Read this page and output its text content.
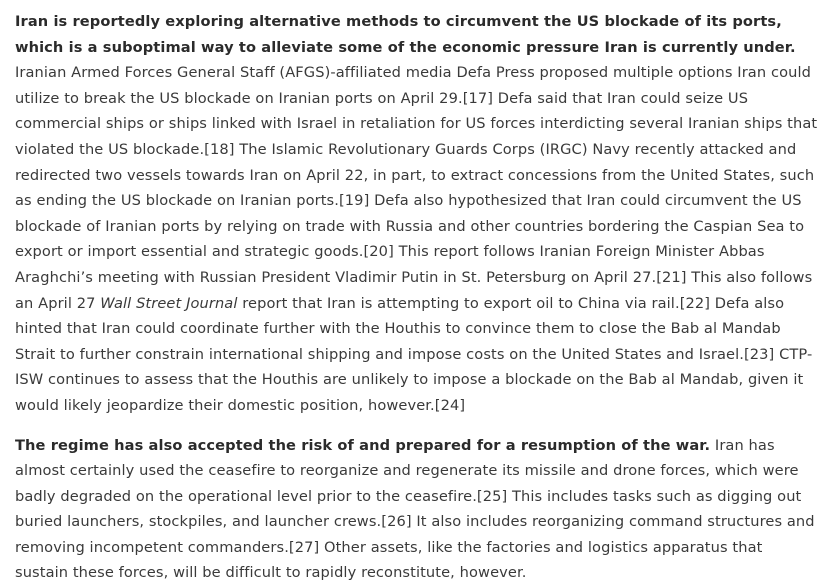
Iran is reportedly exploring alternative methods to circumvent the US blockade of its ports, which is a suboptimal way to alleviate some of the economic pressure Iran is currently under. Iranian Armed Forces General Staff (AFGS)-affiliated media Defa Press proposed multiple options Iran could utilize to break the US blockade on Iranian ports on April 29.[17] Defa said that Iran could seize US commercial ships or ships linked with Israel in retaliation for US forces interdicting several Iranian ships that violated the US blockade.[18] The Islamic Revolutionary Guards Corps (IRGC) Navy recently attacked and redirected two vessels towards Iran on April 22, in part, to extract concessions from the United States, such as ending the US blockade on Iranian ports.[19] Defa also hypothesized that Iran could circumvent the US blockade of Iranian ports by relying on trade with Russia and other countries bordering the Caspian Sea to export or import essential and strategic goods.[20] This report follows Iranian Foreign Minister Abbas Araghchi’s meeting with Russian President Vladimir Putin in St. Petersburg on April 27.[21] This also follows an April 27 Wall Street Journal report that Iran is attempting to export oil to China via rail.[22] Defa also hinted that Iran could coordinate further with the Houthis to convince them to close the Bab al Mandab Strait to further constrain international shipping and impose costs on the United States and Israel.[23] CTP-ISW continues to assess that the Houthis are unlikely to impose a blockade on the Bab al Mandab, given it would likely jeopardize their domestic position, however.[24]

The regime has also accepted the risk of and prepared for a resumption of the war. Iran has almost certainly used the ceasefire to reorganize and regenerate its missile and drone forces, which were badly degraded on the operational level prior to the ceasefire.[25] This includes tasks such as digging out buried launchers, stockpiles, and launcher crews.[26] It also includes reorganizing command structures and removing incompetent commanders.[27] Other assets, like the factories and logistics apparatus that sustain these forces, will be difficult to rapidly reconstitute, however.
